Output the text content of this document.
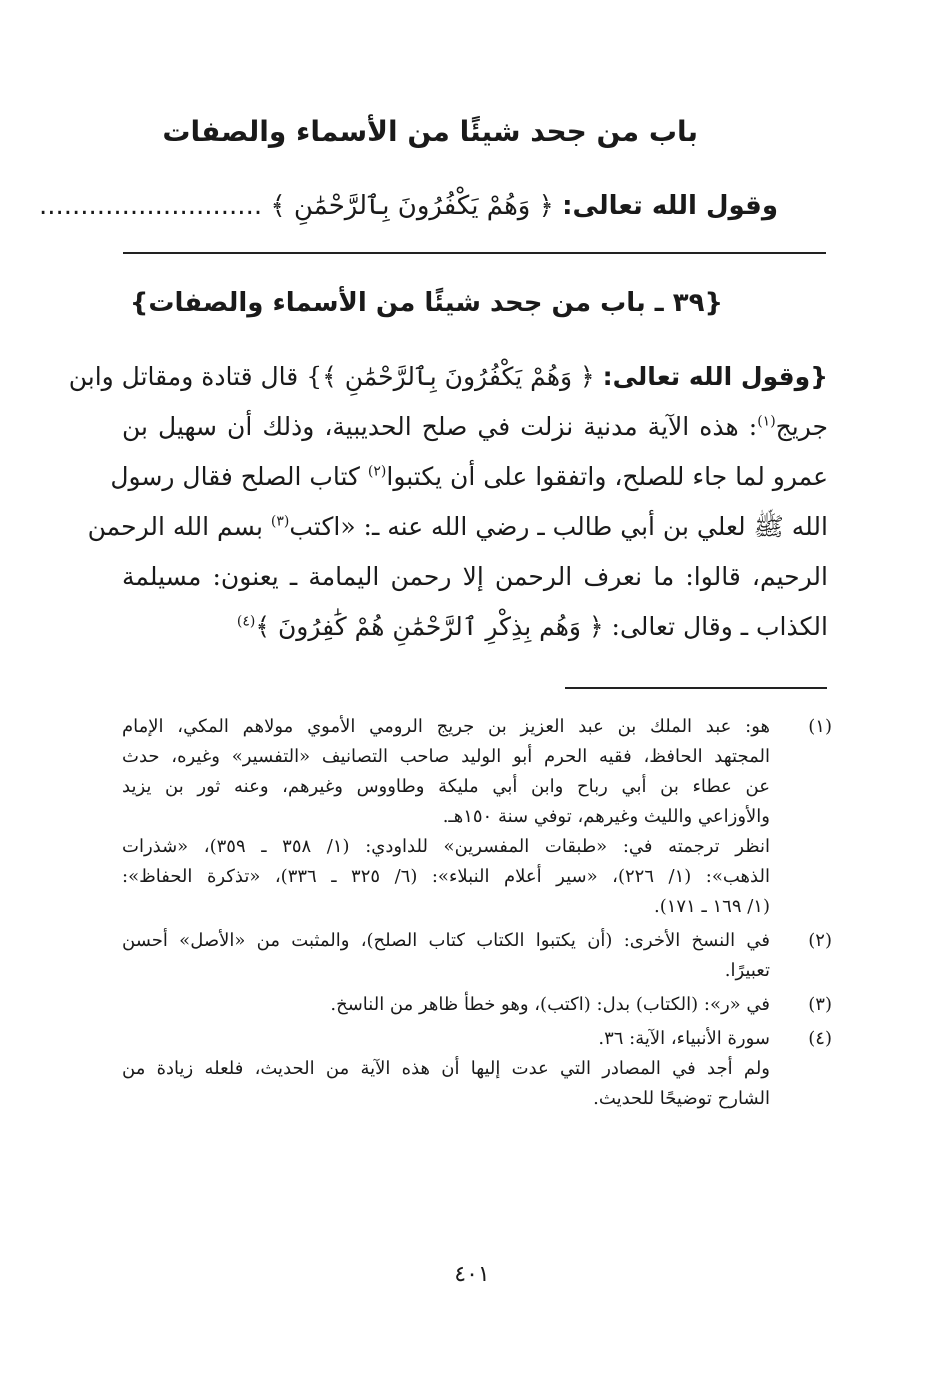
باب من جحد شيئًا من الأسماء والصفات
وقول الله تعالى: ﴿ وَهُمْ يَكْفُرُونَ بِٱلرَّحْمَٰنِ ﴾ ...........................
{٣٩ ـ باب من جحد شيئًا من الأسماء والصفات}
{وقول الله تعالى: ﴿ وَهُمْ يَكْفُرُونَ بِٱلرَّحْمَٰنِ ﴾} قال قتادة ومقاتل وابن
جريج$^{(١)}$: هذه الآية مدنية نزلت في صلح الحديبية، وذلك أن سهيل بن
عمرو لما جاء للصلح، واتفقوا على أن يكتبوا$^{(٢)}$ كتاب الصلح فقال رسول
الله ﷺ لعلي بن أبي طالب ـ رضي الله عنه ـ: «اكتب$^{(٣)}$ بسم الله الرحمن
الرحيم، قالوا: ما نعرف الرحمن إلا رحمن اليمامة ـ يعنون: مسيلمة
الكذاب ـ وقال تعالى: ﴿ وَهُم بِذِكْرِ ٱلرَّحْمَٰنِ هُمْ كَٰفِرُونَ ﴾$^{(٤)}$
(١)
هو: عبد الملك بن عبد العزيز بن جريج الرومي الأموي مولاهم المكي، الإمام
المجتهد الحافظ، فقيه الحرم أبو الوليد صاحب التصانيف «التفسير» وغيره، حدث
عن عطاء بن أبي رباح وابن أبي مليكة وطاووس وغيرهم، وعنه ثور بن يزيد
والأوزاعي والليث وغيرهم، توفي سنة ١٥٠هـ.
انظر ترجمته في: «طبقات المفسرين» للداودي: (١/ ٣٥٨ ـ ٣٥٩)، «شذرات
الذهب»: (١/ ٢٢٦)، «سير أعلام النبلاء»: (٦/ ٣٢٥ ـ ٣٣٦)، «تذكرة الحفاظ»:
(١/ ١٦٩ ـ ١٧١).
(٢)
في النسخ الأخرى: (أن يكتبوا الكتاب كتاب الصلح)، والمثبت من «الأصل» أحسن
تعبيرًا.
(٣)
في «ر»: (الكتاب) بدل: (اكتب)، وهو خطأ ظاهر من الناسخ.
(٤)
سورة الأنبياء، الآية: ٣٦.
ولم أجد في المصادر التي عدت إليها أن هذه الآية من الحديث، فلعله زيادة من
الشارح توضيحًا للحديث.
٤٠١
